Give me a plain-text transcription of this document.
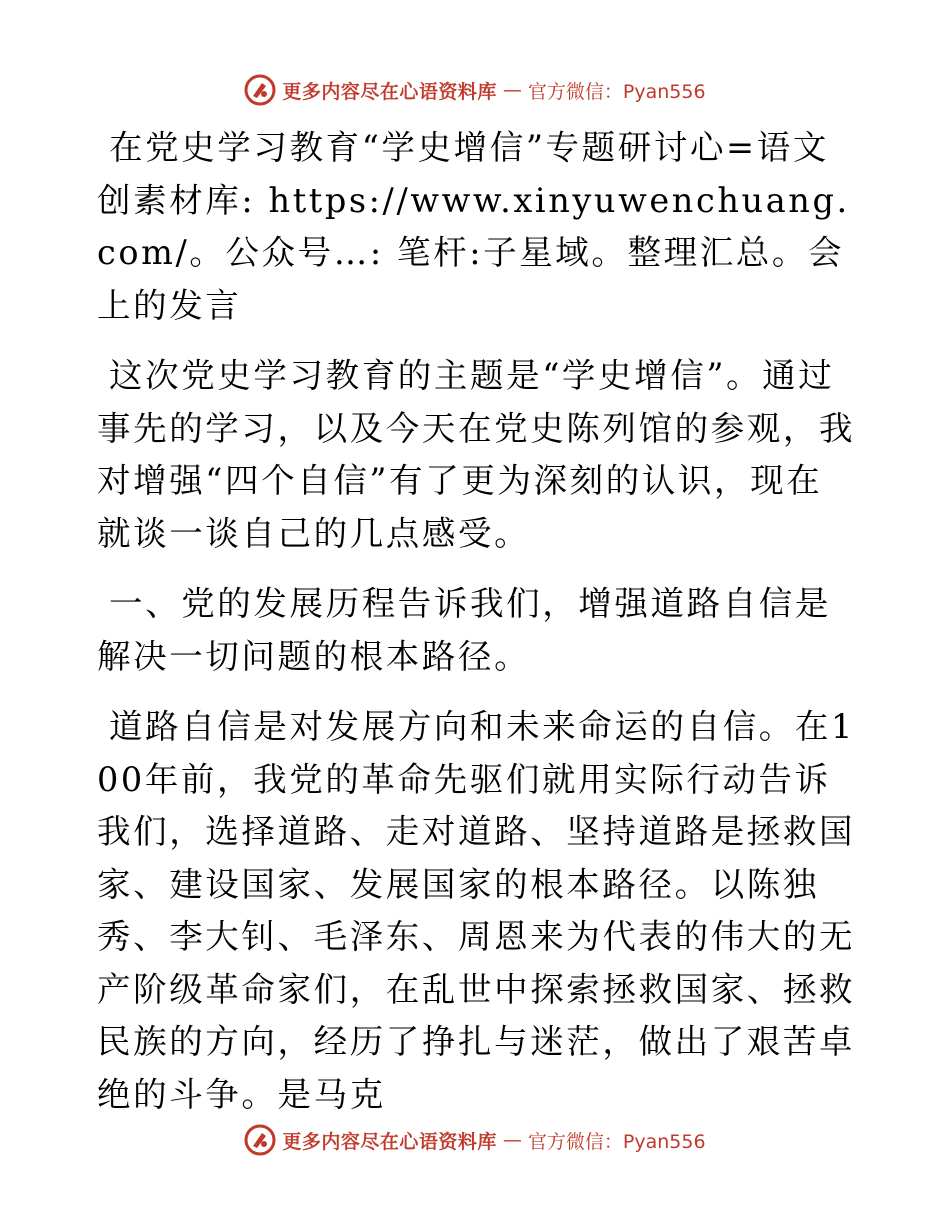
更多内容尽在心语资料库 — 官方微信：Pyan556

在党史学习教育“学史增信”专题研讨心=语文创素材库: https://www.xinyuwenchuang.com/。公众号…: 笔杆:子星域。整理汇总。会上的发言

这次党史学习教育的主题是“学史增信”。通过事先的学习，以及今天在党史陈列馆的参观，我对增强“四个自信”有了更为深刻的认识，现在就谈一谈自己的几点感受。

一、党的发展历程告诉我们，增强道路自信是解决一切问题的根本路径。

道路自信是对发展方向和未来命运的自信。在100年前，我党的革命先驱们就用实际行动告诉我们，选择道路、走对道路、坚持道路是拯救国家、建设国家、发展国家的根本路径。以陈独秀、李大钊、毛泽东、周恩来为代表的伟大的无产阶级革命家们，在乱世中探索拯救国家、拯救民族的方向，经历了挣扎与迷茫，做出了艰苦卓绝的斗争。是马克

更多内容尽在心语资料库 — 官方微信：Pyan556
